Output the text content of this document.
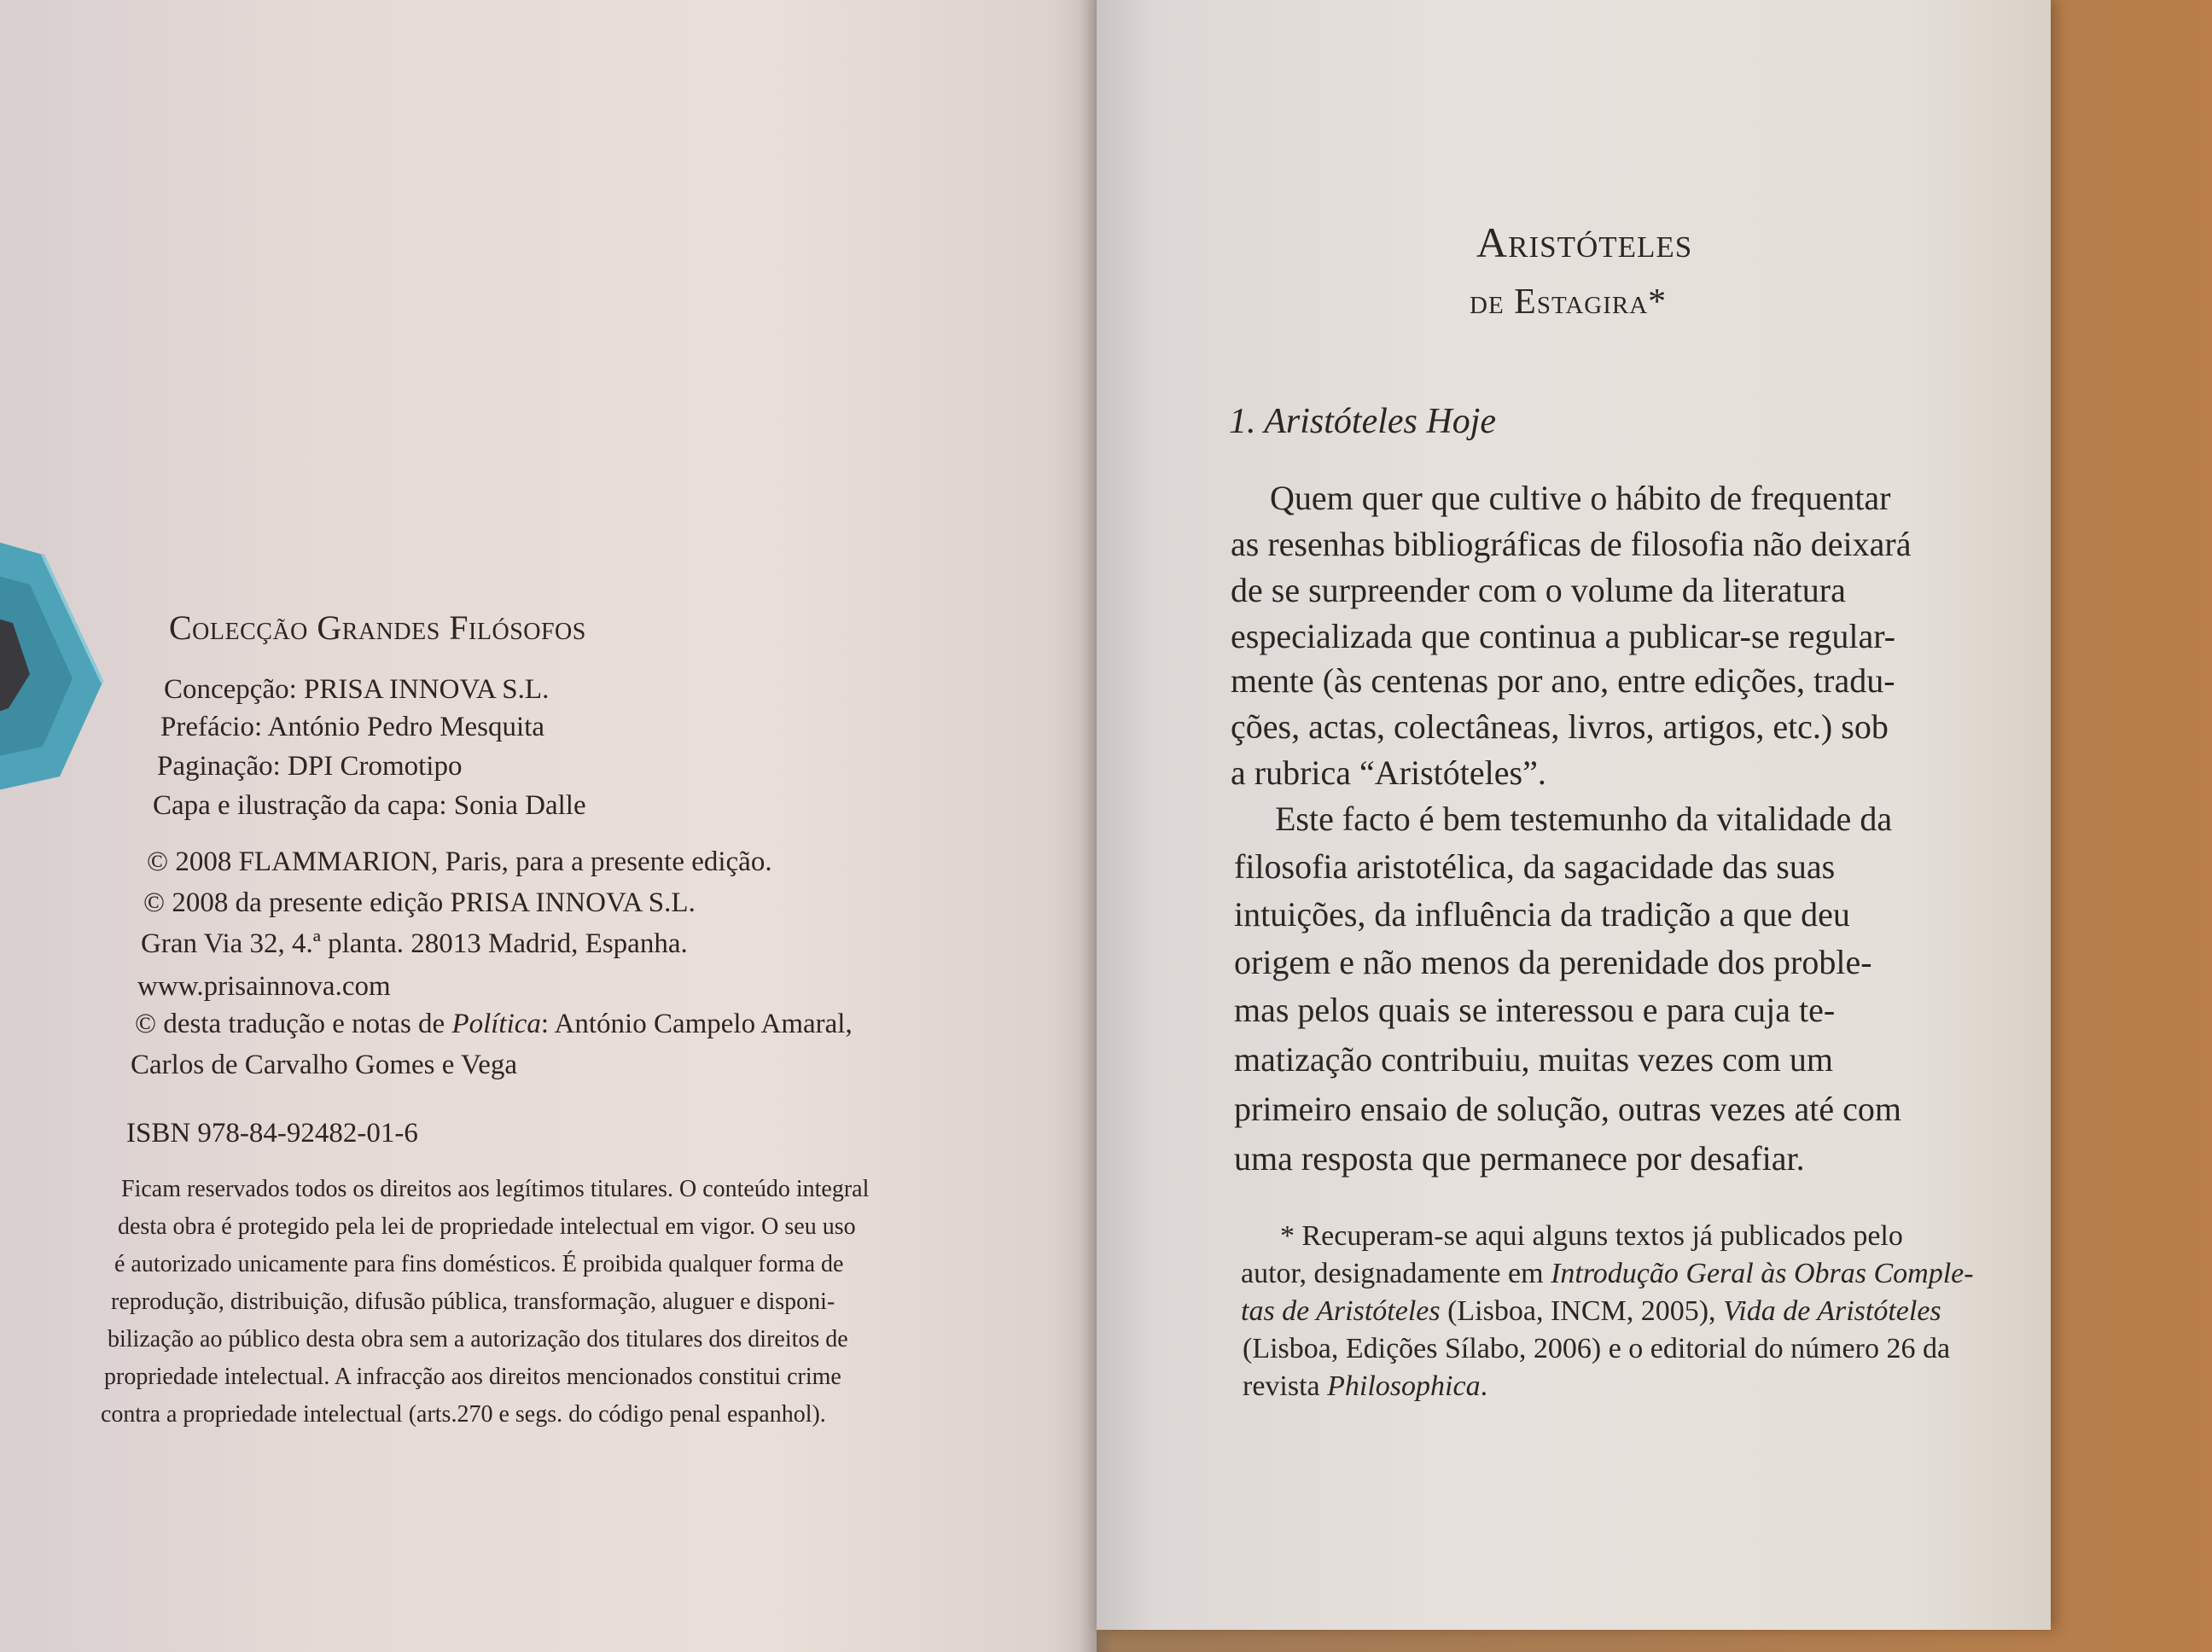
Colecção Grandes Filósofos
Concepção: PRISA INNOVA S.L.
Prefácio: António Pedro Mesquita
Paginação: DPI Cromotipo
Capa e ilustração da capa: Sonia Dalle
© 2008 FLAMMARION, Paris, para a presente edição.
© 2008 da presente edição PRISA INNOVA S.L.
Gran Via 32, 4.ª planta. 28013 Madrid, Espanha.
www.prisainnova.com
© desta tradução e notas de Política: António Campelo Amaral,
Carlos de Carvalho Gomes e Vega
ISBN 978-84-92482-01-6
Ficam reservados todos os direitos aos legítimos titulares. O conteúdo integral
desta obra é protegido pela lei de propriedade intelectual em vigor. O seu uso
é autorizado unicamente para fins domésticos. É proibida qualquer forma de
reprodução, distribuição, difusão pública, transformação, aluguer e disponi-
bilização ao público desta obra sem a autorização dos titulares dos direitos de
propriedade intelectual. A infracção aos direitos mencionados constitui crime
contra a propriedade intelectual (arts.270 e segs. do código penal espanhol).
Aristóteles
de Estagira*
1. Aristóteles Hoje
Quem quer que cultive o hábito de frequentar
as resenhas bibliográficas de filosofia não deixará
de se surpreender com o volume da literatura
especializada que continua a publicar-se regular-
mente (às centenas por ano, entre edições, tradu-
ções, actas, colectâneas, livros, artigos, etc.) sob
a rubrica “Aristóteles”.
Este facto é bem testemunho da vitalidade da
filosofia aristotélica, da sagacidade das suas
intuições, da influência da tradição a que deu
origem e não menos da perenidade dos proble-
mas pelos quais se interessou e para cuja te-
matização contribuiu, muitas vezes com um
primeiro ensaio de solução, outras vezes até com
uma resposta que permanece por desafiar.
* Recuperam-se aqui alguns textos já publicados pelo
autor, designadamente em Introdução Geral às Obras Comple-
tas de Aristóteles (Lisboa, INCM, 2005), Vida de Aristóteles
(Lisboa, Edições Sílabo, 2006) e o editorial do número 26 da
revista Philosophica.
